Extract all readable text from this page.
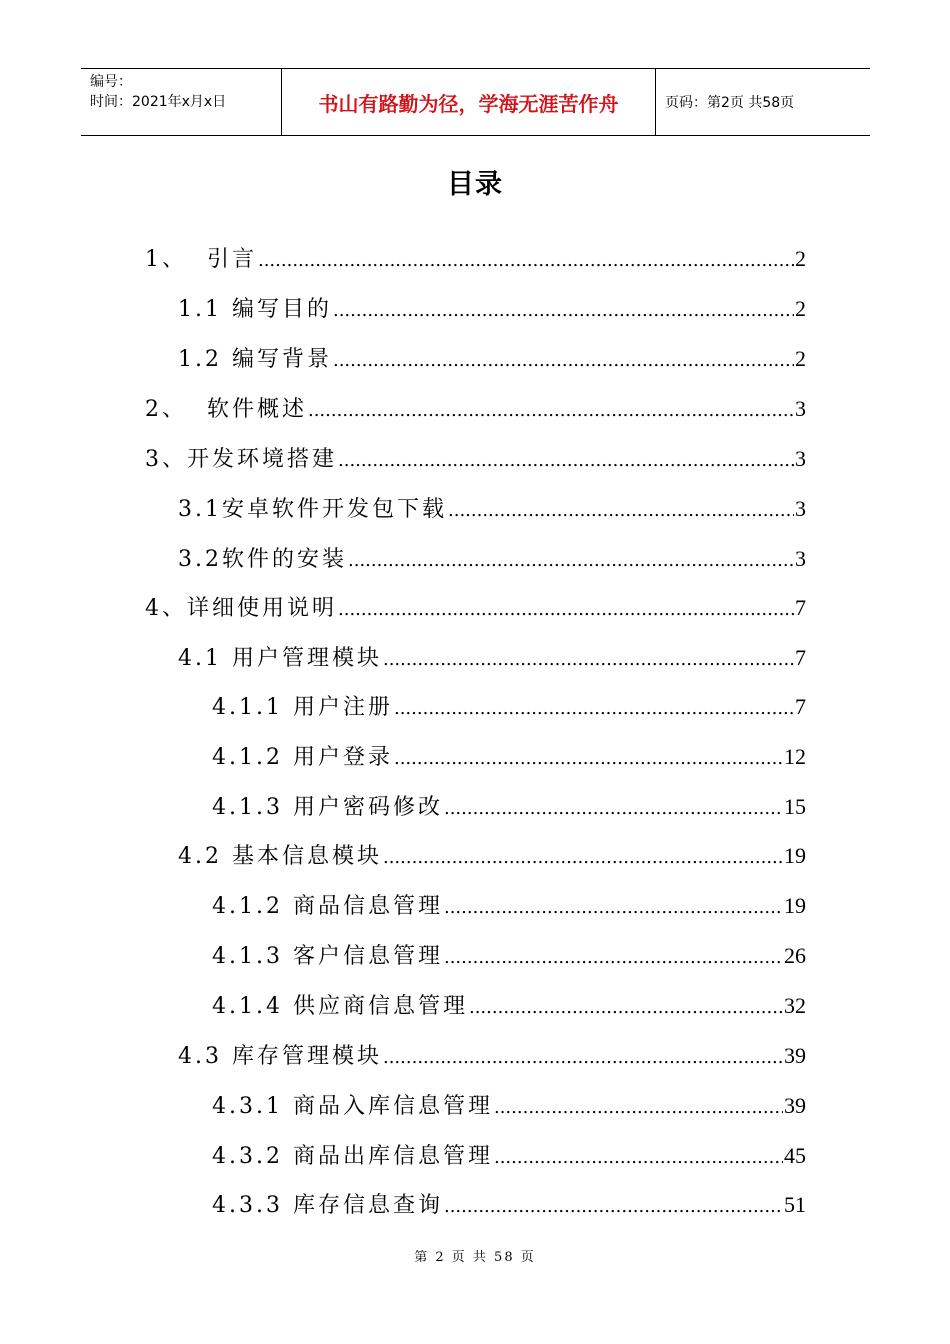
编号：
时间：2021年x月x日	书山有路勤为径，学海无涯苦作舟	页码：第2页 共58页
目录
1、  引言 .....	2
1.1 编写目的 .....	2
1.2 编写背景 .....	2
2、  软件概述 .....	3
3、开发环境搭建 .....	3
3.1安卓软件开发包下载 .....	3
3.2软件的安装 .....	3
4、详细使用说明 .....	7
4.1 用户管理模块 .....	7
4.1.1 用户注册 .....	7
4.1.2 用户登录 .....	12
4.1.3 用户密码修改 .....	15
4.2 基本信息模块 .....	19
4.1.2 商品信息管理 .....	19
4.1.3 客户信息管理 .....	26
4.1.4 供应商信息管理 .....	32
4.3 库存管理模块 .....	39
4.3.1 商品入库信息管理 .....	39
4.3.2 商品出库信息管理 .....	45
4.3.3 库存信息查询 .....	51
第 2 页 共 58 页
